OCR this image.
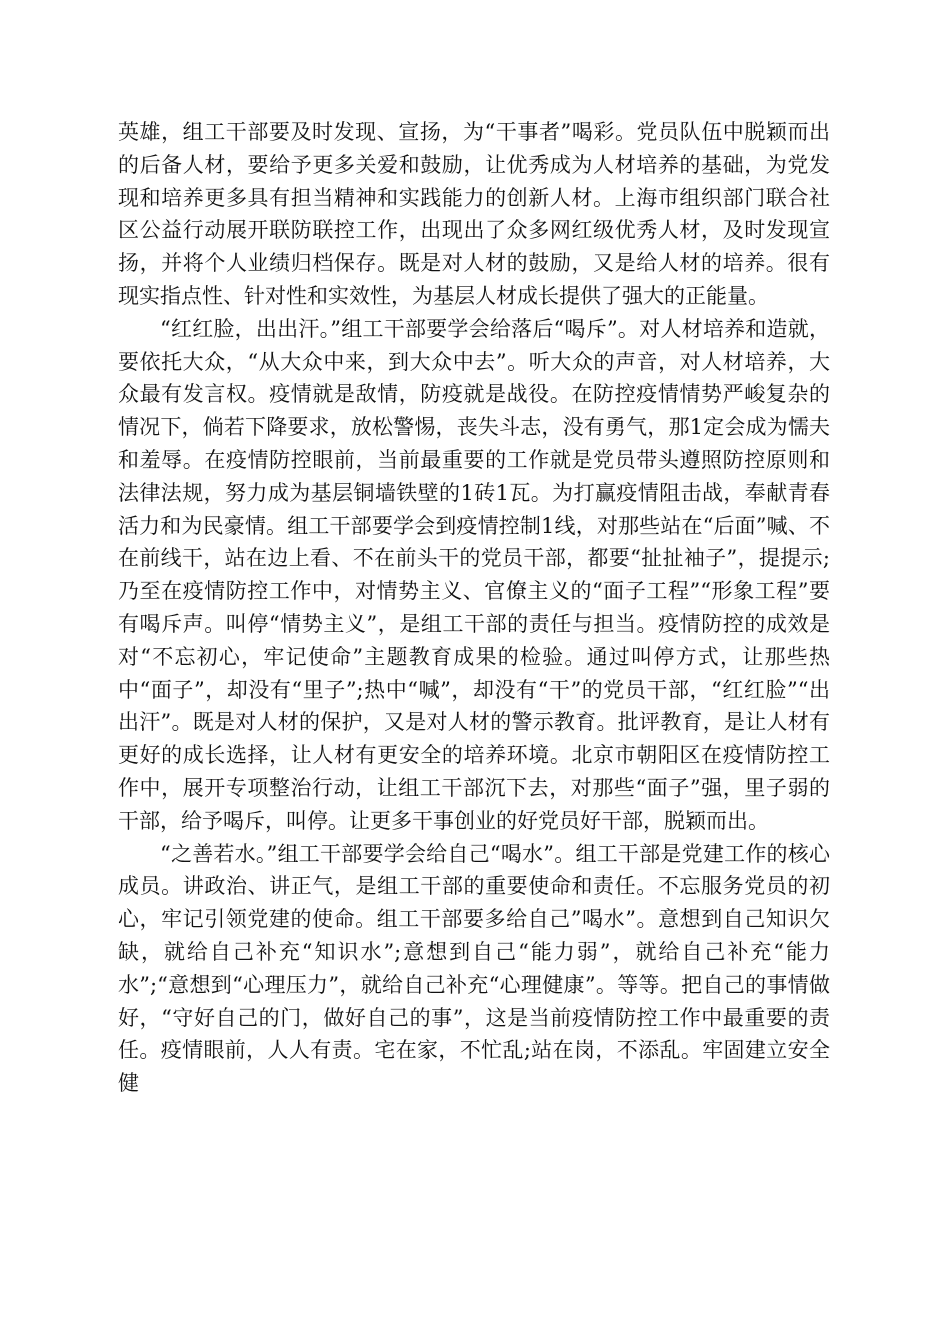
英雄，组工干部要及时发现、宣扬，为“干事者”喝彩。党员队伍中脱颖而出的后备人材，要给予更多关爱和鼓励，让优秀成为人材培养的基础，为党发现和培养更多具有担当精神和实践能力的创新人材。上海市组织部门联合社区公益行动展开联防联控工作，出现出了众多网红级优秀人材，及时发现宣扬，并将个人业绩归档保存。既是对人材的鼓励，又是给人材的培养。很有现实指点性、针对性和实效性，为基层人材成长提供了强大的正能量。

“红红脸，出出汗。”组工干部要学会给落后“喝斥”。对人材培养和造就，要依托大众，“从大众中来，到大众中去”。听大众的声音，对人材培养，大众最有发言权。疫情就是敌情，防疫就是战役。在防控疫情情势严峻复杂的情况下，倘若下降要求，放松警惕，丧失斗志，没有勇气，那1定会成为懦夫和羞辱。在疫情防控眼前，当前最重要的工作就是党员带头遵照防控原则和法律法规，努力成为基层铜墙铁壁的1砖1瓦。为打赢疫情阻击战，奉献青春活力和为民豪情。组工干部要学会到疫情控制1线，对那些站在“后面”喊、不在前线干，站在边上看、不在前头干的党员干部，都要“扯扯袖子”，提提示;乃至在疫情防控工作中，对情势主义、官僚主义的“面子工程”“形象工程”要有喝斥声。叫停“情势主义”，是组工干部的责任与担当。疫情防控的成效是对“不忘初心，牢记使命”主题教育成果的检验。通过叫停方式，让那些热中“面子”，却没有“里子”;热中“喊”，却没有“干”的党员干部，“红红脸”“出出汗”。既是对人材的保护，又是对人材的警示教育。批评教育，是让人材有更好的成长选择，让人材有更安全的培养环境。北京市朝阳区在疫情防控工作中，展开专项整治行动，让组工干部沉下去，对那些“面子”强，里子弱的干部，给予喝斥，叫停。让更多干事创业的好党员好干部，脱颖而出。

“之善若水。”组工干部要学会给自己“喝水”。组工干部是党建工作的核心成员。讲政治、讲正气，是组工干部的重要使命和责任。不忘服务党员的初心，牢记引领党建的使命。组工干部要多给自己”喝水”。意想到自己知识欠缺，就给自己补充“知识水”;意想到自己“能力弱”，就给自己补充“能力水”;“意想到“心理压力”，就给自己补充“心理健康”。等等。把自己的事情做好，“守好自己的门，做好自己的事”，这是当前疫情防控工作中最重要的责任。疫情眼前，人人有责。宅在家，不忙乱;站在岗，不添乱。牢固建立安全健
